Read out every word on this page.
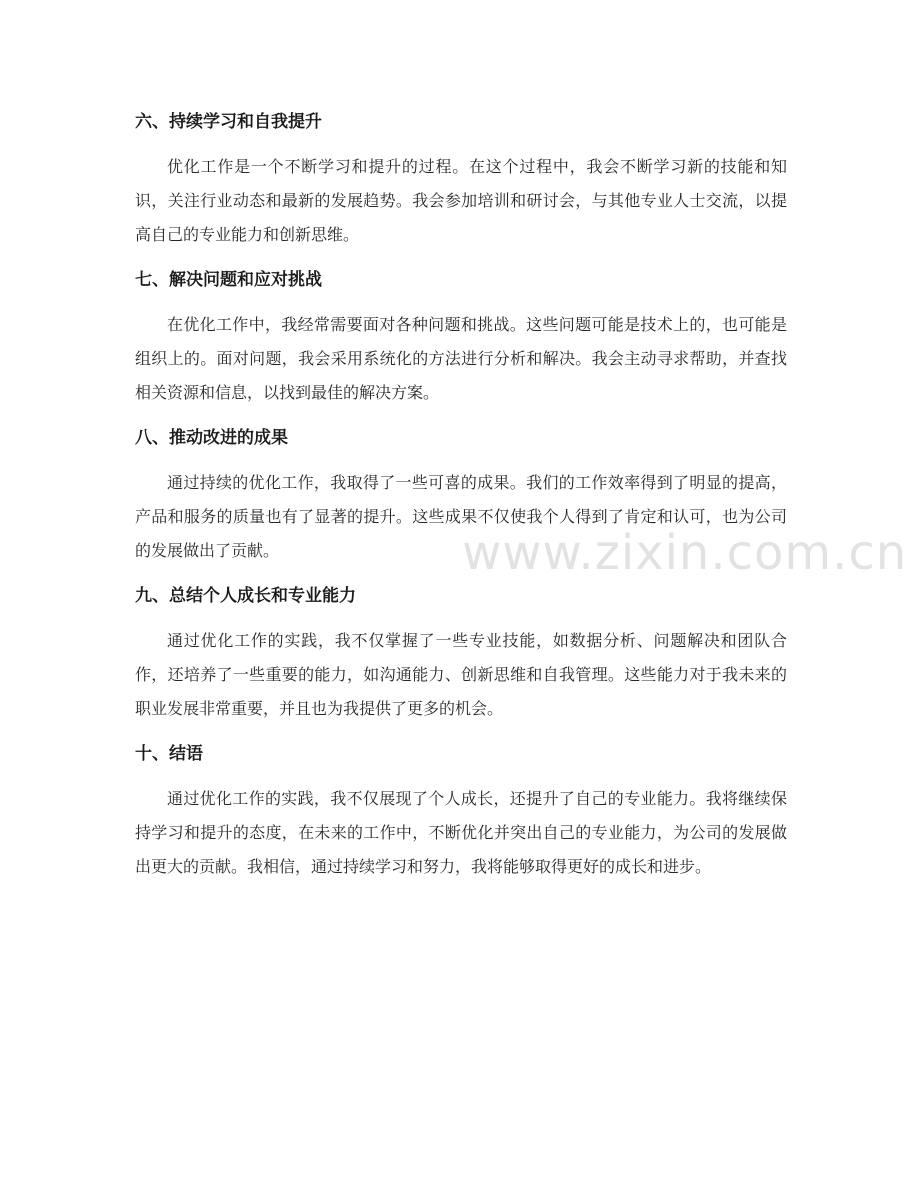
六、持续学习和自我提升

优化工作是一个不断学习和提升的过程。在这个过程中，我会不断学习新的技能和知识，关注行业动态和最新的发展趋势。我会参加培训和研讨会，与其他专业人士交流，以提高自己的专业能力和创新思维。

七、解决问题和应对挑战

在优化工作中，我经常需要面对各种问题和挑战。这些问题可能是技术上的，也可能是组织上的。面对问题，我会采用系统化的方法进行分析和解决。我会主动寻求帮助，并查找相关资源和信息，以找到最佳的解决方案。

八、推动改进的成果

通过持续的优化工作，我取得了一些可喜的成果。我们的工作效率得到了明显的提高，产品和服务的质量也有了显著的提升。这些成果不仅使我个人得到了肯定和认可，也为公司的发展做出了贡献。

九、总结个人成长和专业能力

通过优化工作的实践，我不仅掌握了一些专业技能，如数据分析、问题解决和团队合作，还培养了一些重要的能力，如沟通能力、创新思维和自我管理。这些能力对于我未来的职业发展非常重要，并且也为我提供了更多的机会。

十、结语

通过优化工作的实践，我不仅展现了个人成长，还提升了自己的专业能力。我将继续保持学习和提升的态度，在未来的工作中，不断优化并突出自己的专业能力，为公司的发展做出更大的贡献。我相信，通过持续学习和努力，我将能够取得更好的成长和进步。

www.zixin.com.cn
